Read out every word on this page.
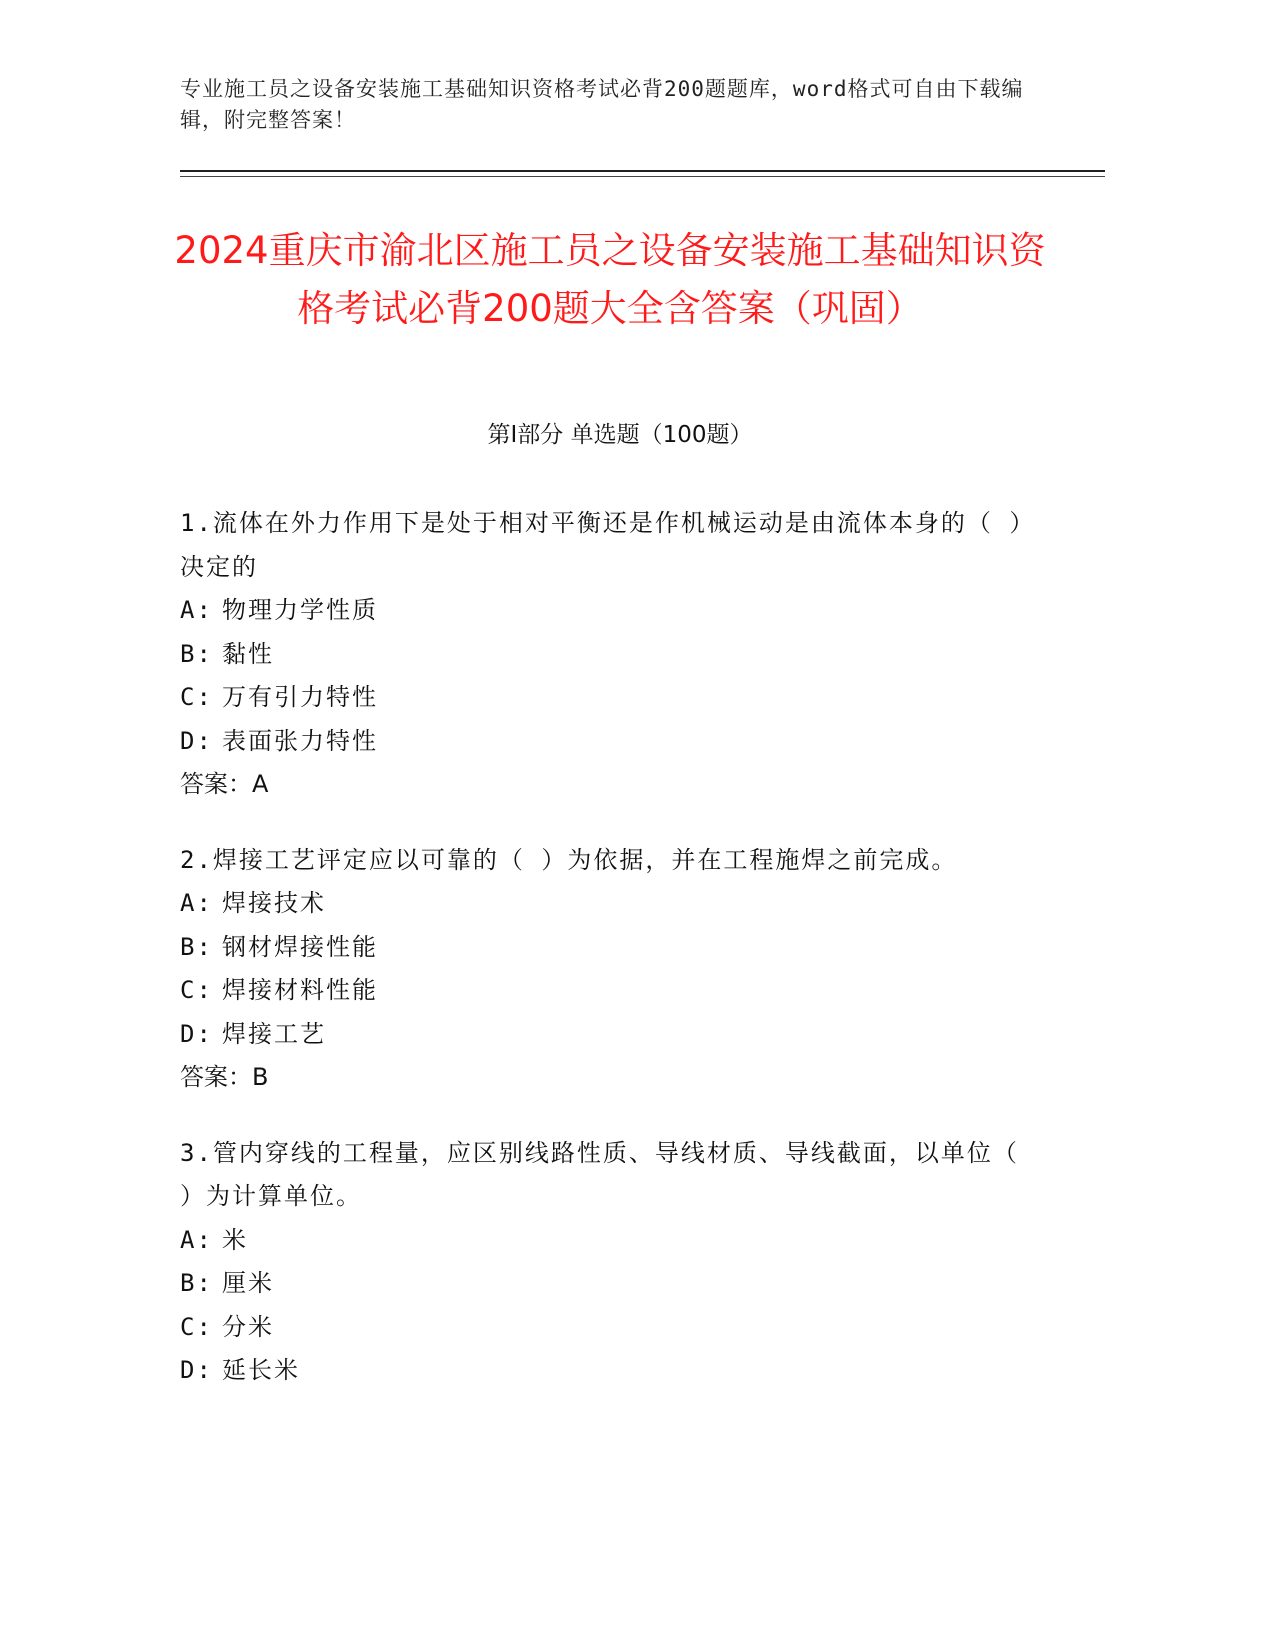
专业施工员之设备安装施工基础知识资格考试必背200题题库，word格式可自由下载编辑，附完整答案！
2024重庆市渝北区施工员之设备安装施工基础知识资格考试必背200题大全含答案（巩固）
第Ⅰ部分 单选题（100题）
1.流体在外力作用下是处于相对平衡还是作机械运动是由流体本身的（ ）决定的
A: 物理力学性质
B: 黏性
C: 万有引力特性
D: 表面张力特性
答案：A
2.焊接工艺评定应以可靠的（ ）为依据，并在工程施焊之前完成。
A: 焊接技术
B: 钢材焊接性能
C: 焊接材料性能
D: 焊接工艺
答案：B
3.管内穿线的工程量，应区别线路性质、导线材质、导线截面，以单位（ ）为计算单位。
A: 米
B: 厘米
C: 分米
D: 延长米
